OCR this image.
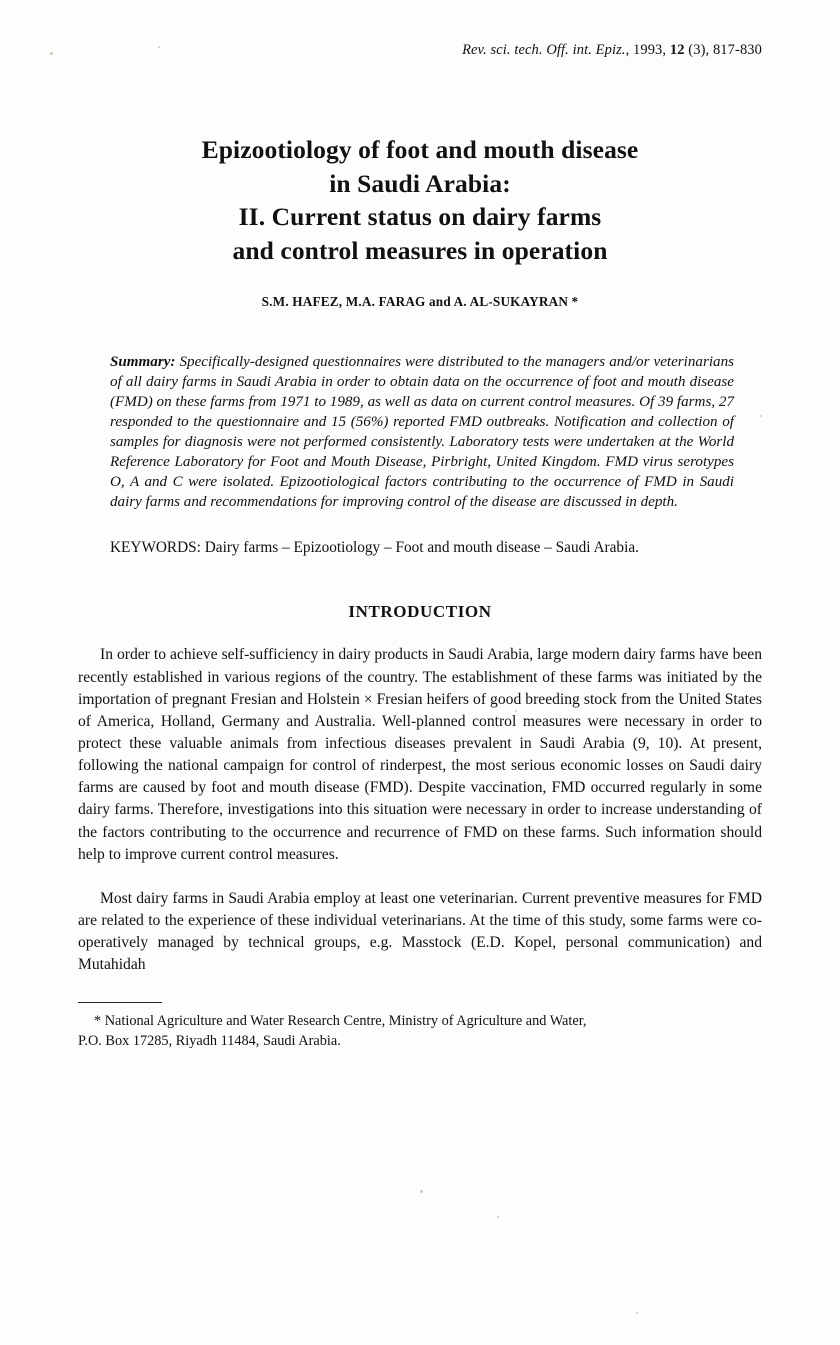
Rev. sci. tech. Off. int. Epiz., 1993, 12 (3), 817-830
Epizootiology of foot and mouth disease
in Saudi Arabia:
II. Current status on dairy farms
and control measures in operation
S.M. HAFEZ, M.A. FARAG and A. AL-SUKAYRAN *
Summary: Specifically-designed questionnaires were distributed to the managers and/or veterinarians of all dairy farms in Saudi Arabia in order to obtain data on the occurrence of foot and mouth disease (FMD) on these farms from 1971 to 1989, as well as data on current control measures. Of 39 farms, 27 responded to the questionnaire and 15 (56%) reported FMD outbreaks. Notification and collection of samples for diagnosis were not performed consistently. Laboratory tests were undertaken at the World Reference Laboratory for Foot and Mouth Disease, Pirbright, United Kingdom. FMD virus serotypes O, A and C were isolated. Epizootiological factors contributing to the occurrence of FMD in Saudi dairy farms and recommendations for improving control of the disease are discussed in depth.
KEYWORDS: Dairy farms – Epizootiology – Foot and mouth disease – Saudi Arabia.
INTRODUCTION

In order to achieve self-sufficiency in dairy products in Saudi Arabia, large modern dairy farms have been recently established in various regions of the country. The establishment of these farms was initiated by the importation of pregnant Fresian and Holstein × Fresian heifers of good breeding stock from the United States of America, Holland, Germany and Australia. Well-planned control measures were necessary in order to protect these valuable animals from infectious diseases prevalent in Saudi Arabia (9, 10). At present, following the national campaign for control of rinderpest, the most serious economic losses on Saudi dairy farms are caused by foot and mouth disease (FMD). Despite vaccination, FMD occurred regularly in some dairy farms. Therefore, investigations into this situation were necessary in order to increase understanding of the factors contributing to the occurrence and recurrence of FMD on these farms. Such information should help to improve current control measures.

Most dairy farms in Saudi Arabia employ at least one veterinarian. Current preventive measures for FMD are related to the experience of these individual veterinarians. At the time of this study, some farms were co-operatively managed by technical groups, e.g. Masstock (E.D. Kopel, personal communication) and Mutahidah

* National Agriculture and Water Research Centre, Ministry of Agriculture and Water,
P.O. Box 17285, Riyadh 11484, Saudi Arabia.
